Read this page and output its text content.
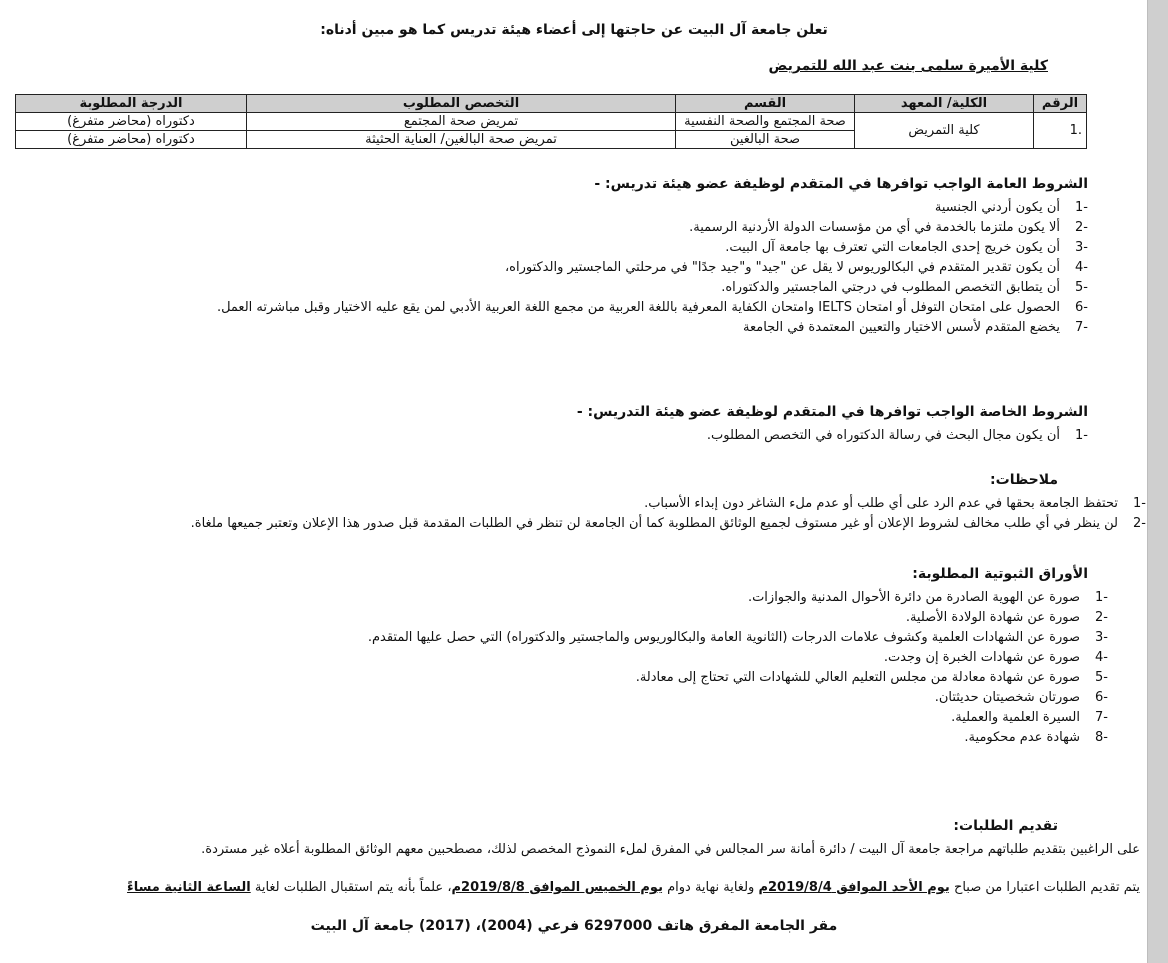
تعلن جامعة آل البيت عن حاجتها إلى أعضاء هيئة تدريس كما هو مبين أدناه:
كلية الأميرة سلمى بنت عبد الله للتمريض
الرقم	الكلية/ المعهد	القسم	التخصص المطلوب	الدرجة المطلوبة
.1	كلية التمريض	صحة المجتمع والصحة النفسية	تمريض صحة المجتمع	دكتوراه (محاضر متفرغ)
		صحة البالغين	تمريض صحة البالغين/ العناية الحثيثة	دكتوراه (محاضر متفرغ)
الشروط العامة الواجب توافرها في المتقدم لوظيفة عضو هيئة تدريس: -
-1أن يكون أردني الجنسية
-2ألا يكون ملتزما بالخدمة في أي من مؤسسات الدولة الأردنية الرسمية.
-3أن يكون خريج إحدى الجامعات التي تعترف بها جامعة آل البيت.
-4أن يكون تقدير المتقدم في البكالوريوس لا يقل عن "جيد" و"جيد جدًا" في مرحلتي الماجستير والدكتوراه،
-5أن يتطابق التخصص المطلوب في درجتي الماجستير والدكتوراه.
-6الحصول على امتحان التوفل أو امتحان IELTS وامتحان الكفاية المعرفية باللغة العربية من مجمع اللغة العربية الأدبي لمن يقع عليه الاختيار وقبل مباشرته العمل.
-7يخضع المتقدم لأسس الاختيار والتعيين المعتمدة في الجامعة
الشروط الخاصة الواجب توافرها في المتقدم لوظيفة عضو هيئة التدريس: -
-1أن يكون مجال البحث في رسالة الدكتوراه في التخصص المطلوب.
ملاحظات:
-1تحتفظ الجامعة بحقها في عدم الرد على أي طلب أو عدم ملء الشاغر دون إبداء الأسباب.
-2لن ينظر في أي طلب مخالف لشروط الإعلان أو غير مستوف لجميع الوثائق المطلوبة كما أن الجامعة لن تنظر في الطلبات المقدمة قبل صدور هذا الإعلان وتعتبر جميعها ملغاة.
الأوراق الثبوتية المطلوبة:
-1صورة عن الهوية الصادرة من دائرة الأحوال المدنية والجوازات.
-2صورة عن شهادة الولادة الأصلية.
-3صورة عن الشهادات العلمية وكشوف علامات الدرجات (الثانوية العامة والبكالوريوس والماجستير والدكتوراه) التي حصل عليها المتقدم.
-4صورة عن شهادات الخبرة إن وجدت.
-5صورة عن شهادة معادلة من مجلس التعليم العالي للشهادات التي تحتاج إلى معادلة.
-6صورتان شخصيتان حديثتان.
-7السيرة العلمية والعملية.
-8شهادة عدم محكومية.
تقديم الطلبات:
على الراغبين بتقديم طلباتهم مراجعة جامعة آل البيت / دائرة أمانة سر المجالس في المفرق لملء النموذج المخصص لذلك، مصطحبين معهم الوثائق المطلوبة أعلاه غير مستردة.
يتم تقديم الطلبات اعتبارا من صباح يوم الأحد الموافق 2019/8/4م ولغاية نهاية دوام يوم الخميس الموافق 2019/8/8م، علماً بأنه يتم استقبال الطلبات لغاية الساعة الثانية مساءً
مقر الجامعة المفرق هاتف 6297000 فرعي (2004)، (2017) جامعة آل البيت
